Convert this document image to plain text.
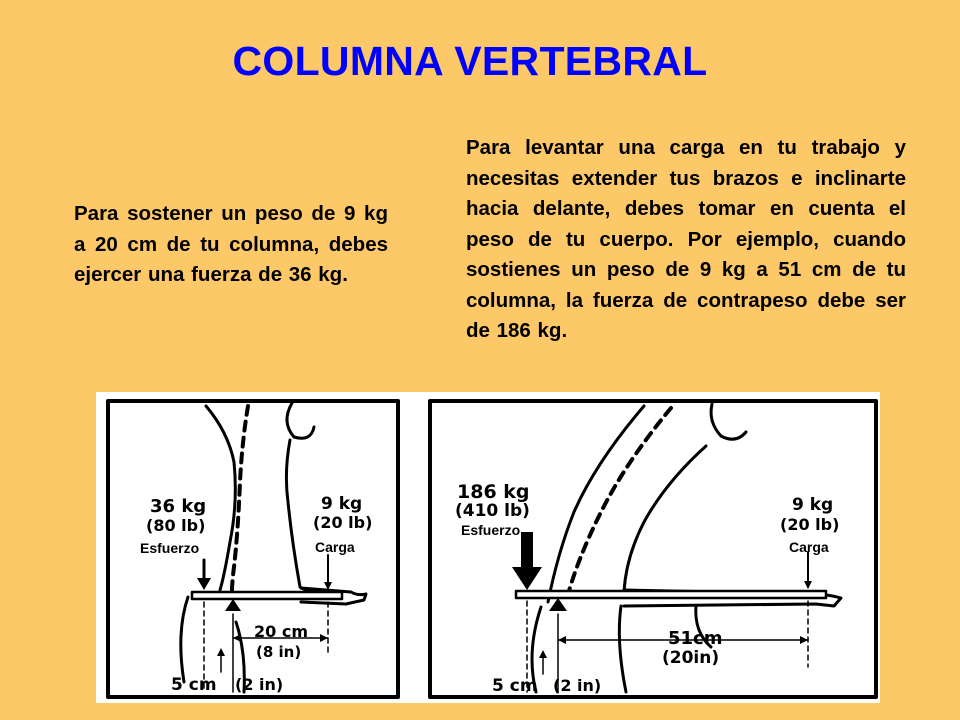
COLUMNA VERTEBRAL
Para sostener un peso de 9 kg a 20 cm de tu columna, debes ejercer una fuerza de 36 kg.
Para levantar una carga en tu trabajo y necesitas extender tus brazos e inclinarte hacia delante, debes tomar en cuenta el peso de tu cuerpo. Por ejemplo, cuando sostienes un peso de 9 kg a 51 cm de tu columna, la fuerza de contrapeso debe ser de 186 kg.
36 kg
(80 lb)
Esfuerzo
9 kg
(20 lb)
Carga
20 cm
(8 in)
5 cm (2 in)
186 kg
(410 lb)
Esfuerzo
9 kg
(20 lb)
Carga
51cm
(20in)
5 cm (2 in)
